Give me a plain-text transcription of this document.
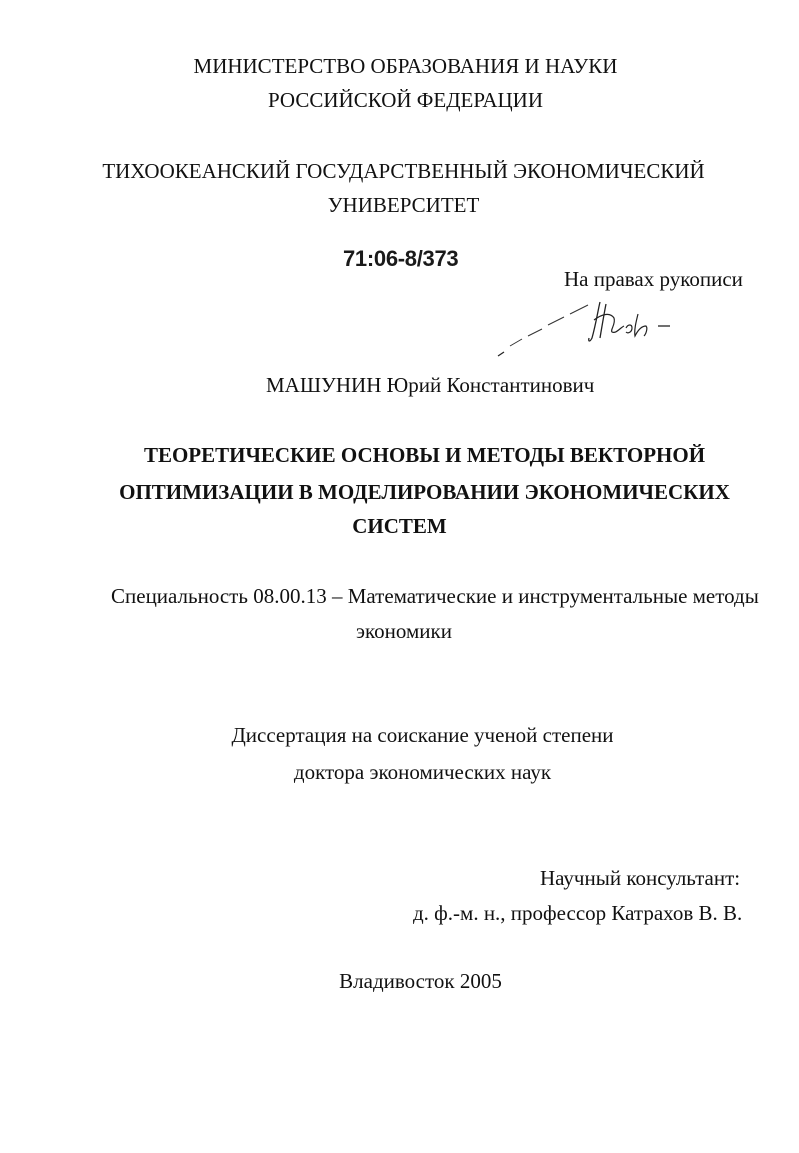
МИНИСТЕРСТВО ОБРАЗОВАНИЯ И НАУКИ
РОССИЙСКОЙ ФЕДЕРАЦИИ
ТИХООКЕАНСКИЙ ГОСУДАРСТВЕННЫЙ ЭКОНОМИЧЕСКИЙ
УНИВЕРСИТЕТ
71:06-8/373
На правах рукописи
МАШУНИН Юрий Константинович
ТЕОРЕТИЧЕСКИЕ ОСНОВЫ И МЕТОДЫ ВЕКТОРНОЙ
ОПТИМИЗАЦИИ В МОДЕЛИРОВАНИИ ЭКОНОМИЧЕСКИХ
СИСТЕМ
Специальность 08.00.13 – Математические и инструментальные методы
экономики
Диссертация на соискание ученой степени
доктора экономических наук
Научный консультант:
д. ф.-м. н., профессор Катрахов В. В.
Владивосток 2005
